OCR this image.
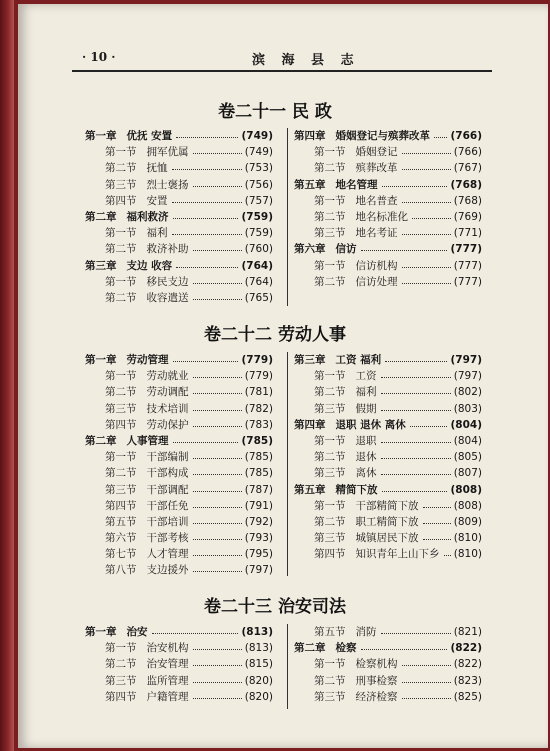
· 10 ·	滨 海 县 志
卷二十一 民 政
第一章 优抚 安置	(749)
第一节 拥军优属	(749)
第二节 抚恤	(753)
第三节 烈士褒扬	(756)
第四节 安置	(757)
第二章 福利救济	(759)
第一节 福利	(759)
第二节 救济补助	(760)
第三章 支边 收容	(764)
第一节 移民支边	(764)
第二节 收容遣送	(765)
第四章 婚姻登记与殡葬改革 (766)
第一节 婚姻登记	(766)
第二节 殡葬改革	(767)
第五章 地名管理	(768)
第一节 地名普查	(768)
第二节 地名标准化	(769)
第三节 地名考证	(771)
第六章 信访	(777)
第一节 信访机构	(777)
第二节 信访处理	(777)
卷二十二 劳动人事
第一章 劳动管理	(779)
第一节 劳动就业	(779)
第二节 劳动调配	(781)
第三节 技术培训	(782)
第四节 劳动保护	(783)
第二章 人事管理	(785)
第一节 干部编制	(785)
第二节 干部构成	(785)
第三节 干部调配	(787)
第四节 干部任免	(791)
第五节 干部培训	(792)
第六节 干部考核	(793)
第七节 人才管理	(795)
第八节 支边援外	(797)
第三章 工资 福利	(797)
第一节 工资	(797)
第二节 福利	(802)
第三节 假期	(803)
第四章 退职 退休 离休	(804)
第一节 退职	(804)
第二节 退休	(805)
第三节 离休	(807)
第五章 精简下放	(808)
第一节 干部精简下放	(808)
第二节 职工精简下放	(809)
第三节 城镇居民下放	(810)
第四节 知识青年上山下乡 (810)
卷二十三 治安司法
第一章 治安	(813)
第一节 治安机构	(813)
第二节 治安管理	(815)
第三节 监所管理	(820)
第四节 户籍管理	(820)
第五节 消防	(821)
第二章 检察	(822)
第一节 检察机构	(822)
第二节 刑事检察	(823)
第三节 经济检察	(825)
